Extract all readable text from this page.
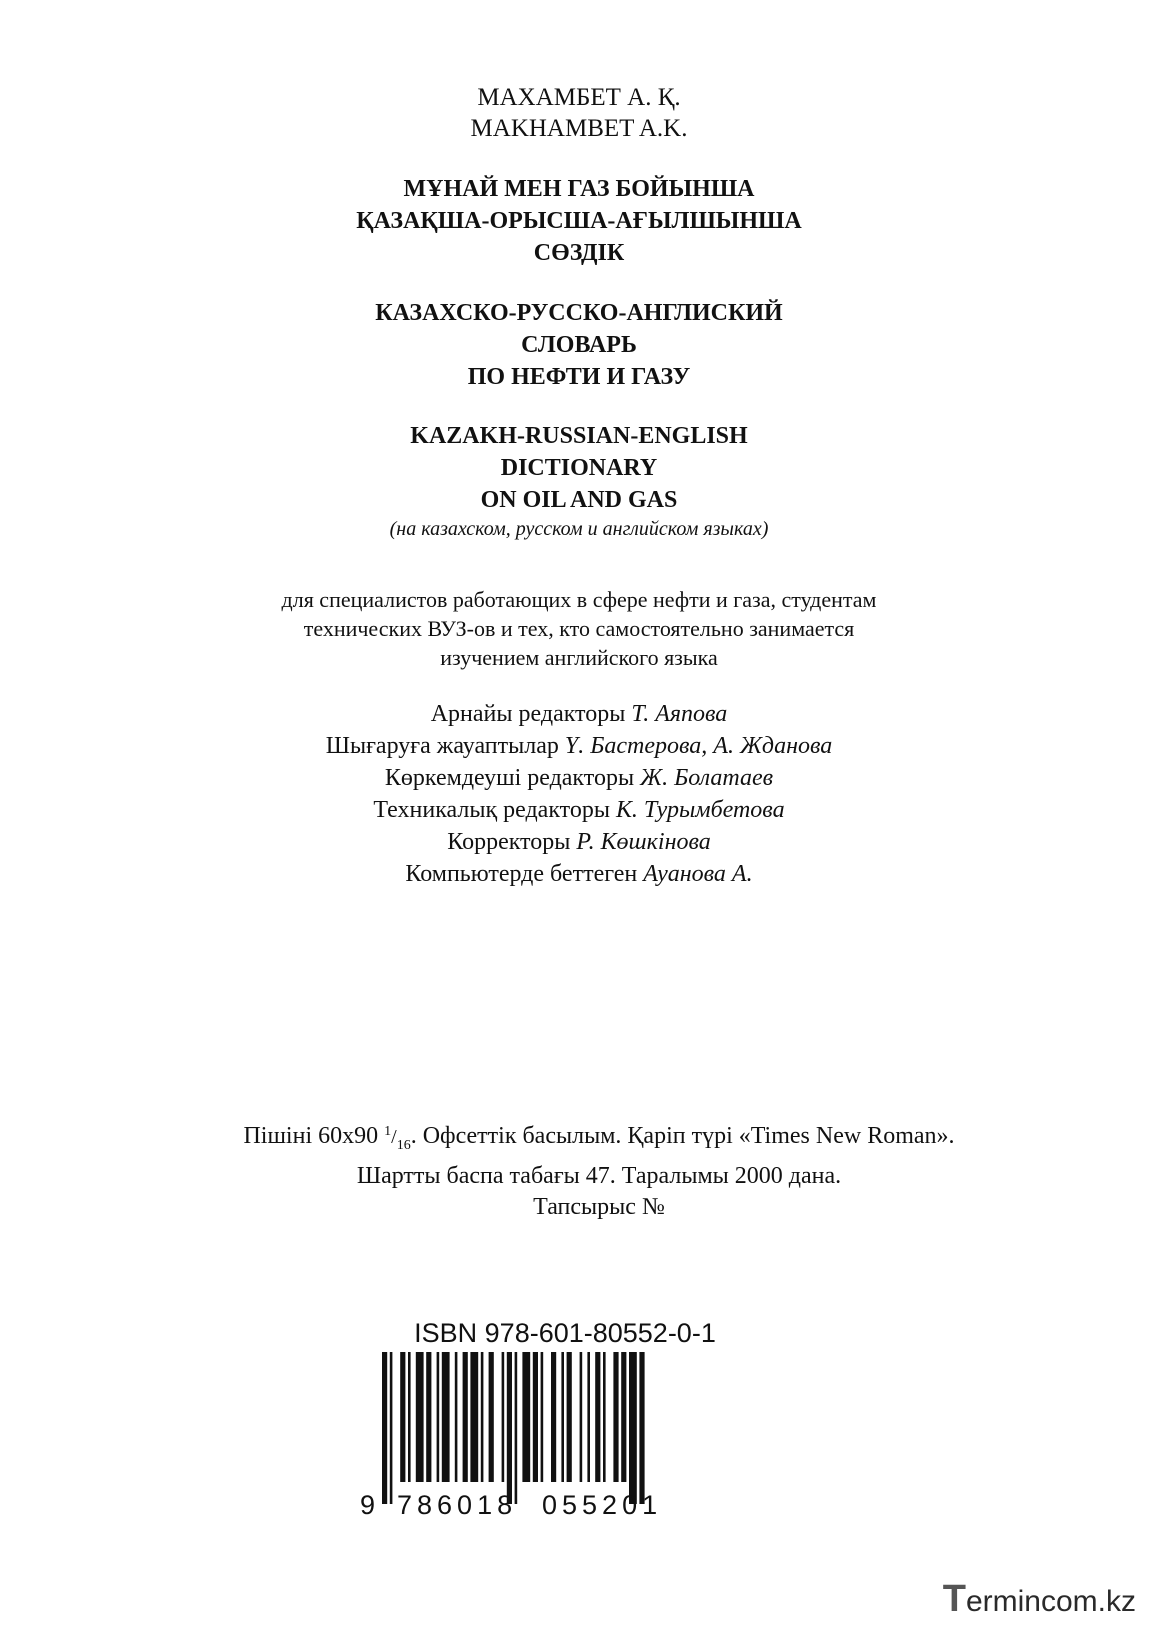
МАХАМБЕТ А. Қ.
MAKHAMBET A.K.
МҰНАЙ МЕН ГАЗ БОЙЫНША
ҚАЗАҚША-ОРЫСША-АҒЫЛШЫНША
СӨЗДІК
КАЗАХСКО-РУССКО-АНГЛИСКИЙ
СЛОВАРЬ
ПО НЕФТИ И ГАЗУ
KAZAKH-RUSSIAN-ENGLISH
DICTIONARY
ON OIL AND GAS
(на казахском, русском и английском языках)
для специалистов работающих в сфере нефти и газа, студентам
технических ВУЗ-ов и тех, кто самостоятельно занимается
изучением английского языка
Арнайы редакторы Т. Аяпова
Шығаруға жауаптылар Ү. Бастерова, А. Жданова
Көркемдеуші редакторы Ж. Болатаев
Техникалық редакторы К. Турымбетова
Корректоры Р. Көшкінова
Компьютерде беттеген Ауанова А.
Пішіні 60х90 $^1/_{16}$. Офсеттік басылым. Қаріп түрі «Times New Roman».
Шартты баспа табағы 47. Таралымы 2000 дана.
Тапсырыс №
ISBN 978-601-80552-0-1
9 786018 055201
Termincom.kz
